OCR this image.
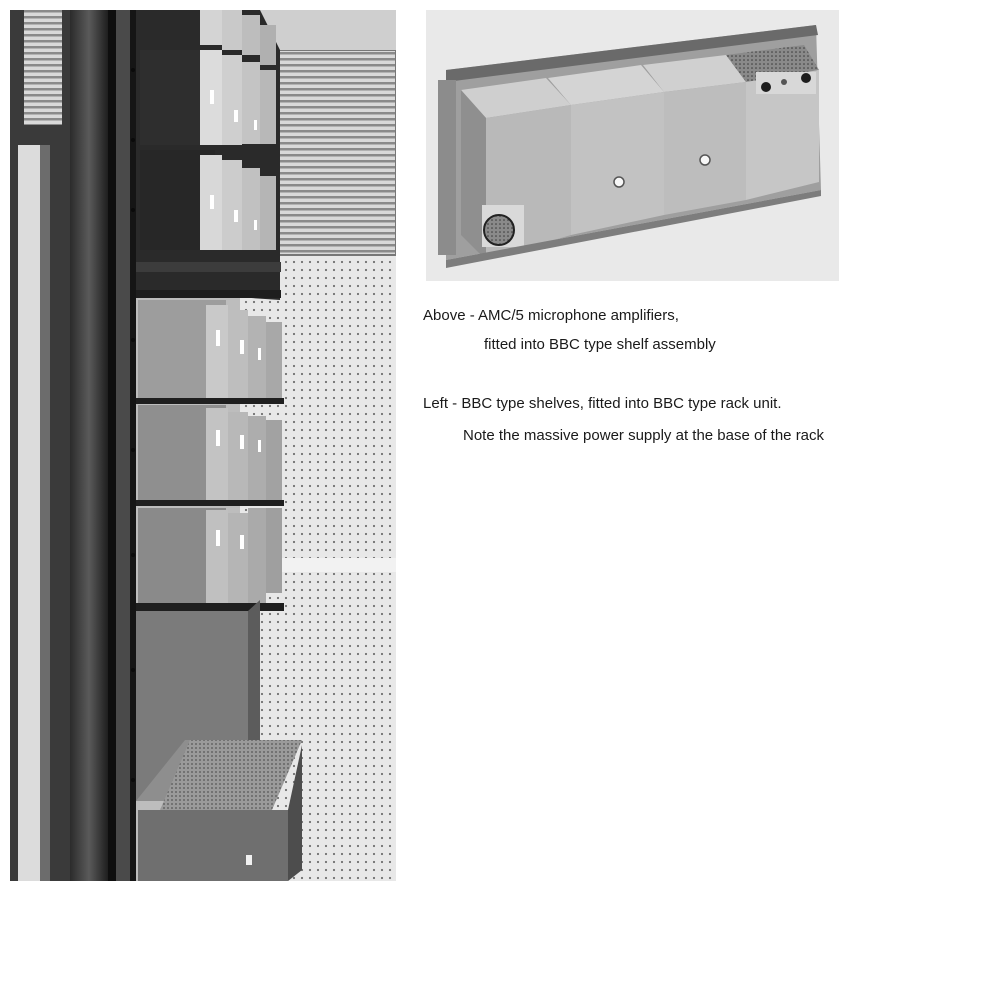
Above - AMC/5 microphone amplifiers,

fitted into BBC type shelf assembly

Left - BBC type shelves, fitted into BBC type rack unit.

Note the massive power supply at the base of the rack
